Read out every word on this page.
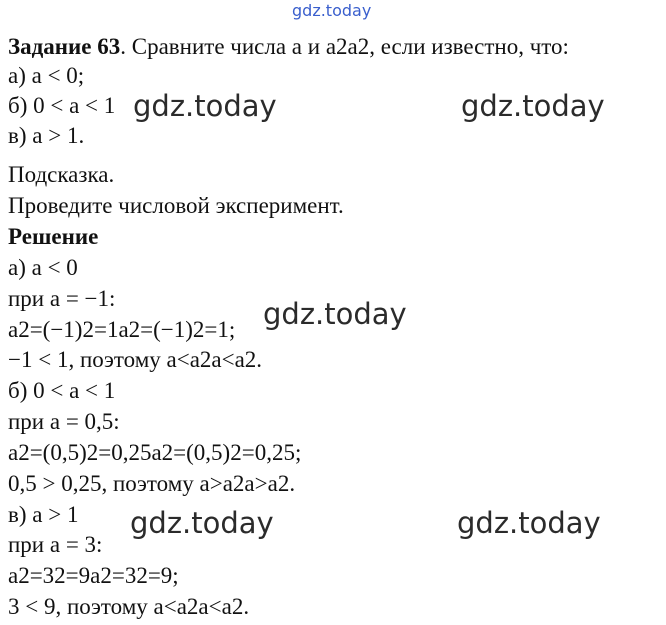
gdz.today
Задание 63. Сравните числа a и a2a2, если известно, что:
а) a < 0;
б) 0 < a < 1
в) a > 1.
Подсказка.
Проведите числовой эксперимент.
Решение
а) a < 0
при a = −1:
a2=(−1)2=1a2=(−1)2=1;
−1 < 1, поэтому a<a2a<a2.
б) 0 < a < 1
при a = 0,5:
a2=(0,5)2=0,25a2=(0,5)2=0,25;
0,5 > 0,25, поэтому a>a2a>a2.
в) a > 1
при a = 3:
a2=32=9a2=32=9;
3 < 9, поэтому a<a2a<a2.
gdz.today	gdz.today
gdz.today
gdz.today	gdz.today
